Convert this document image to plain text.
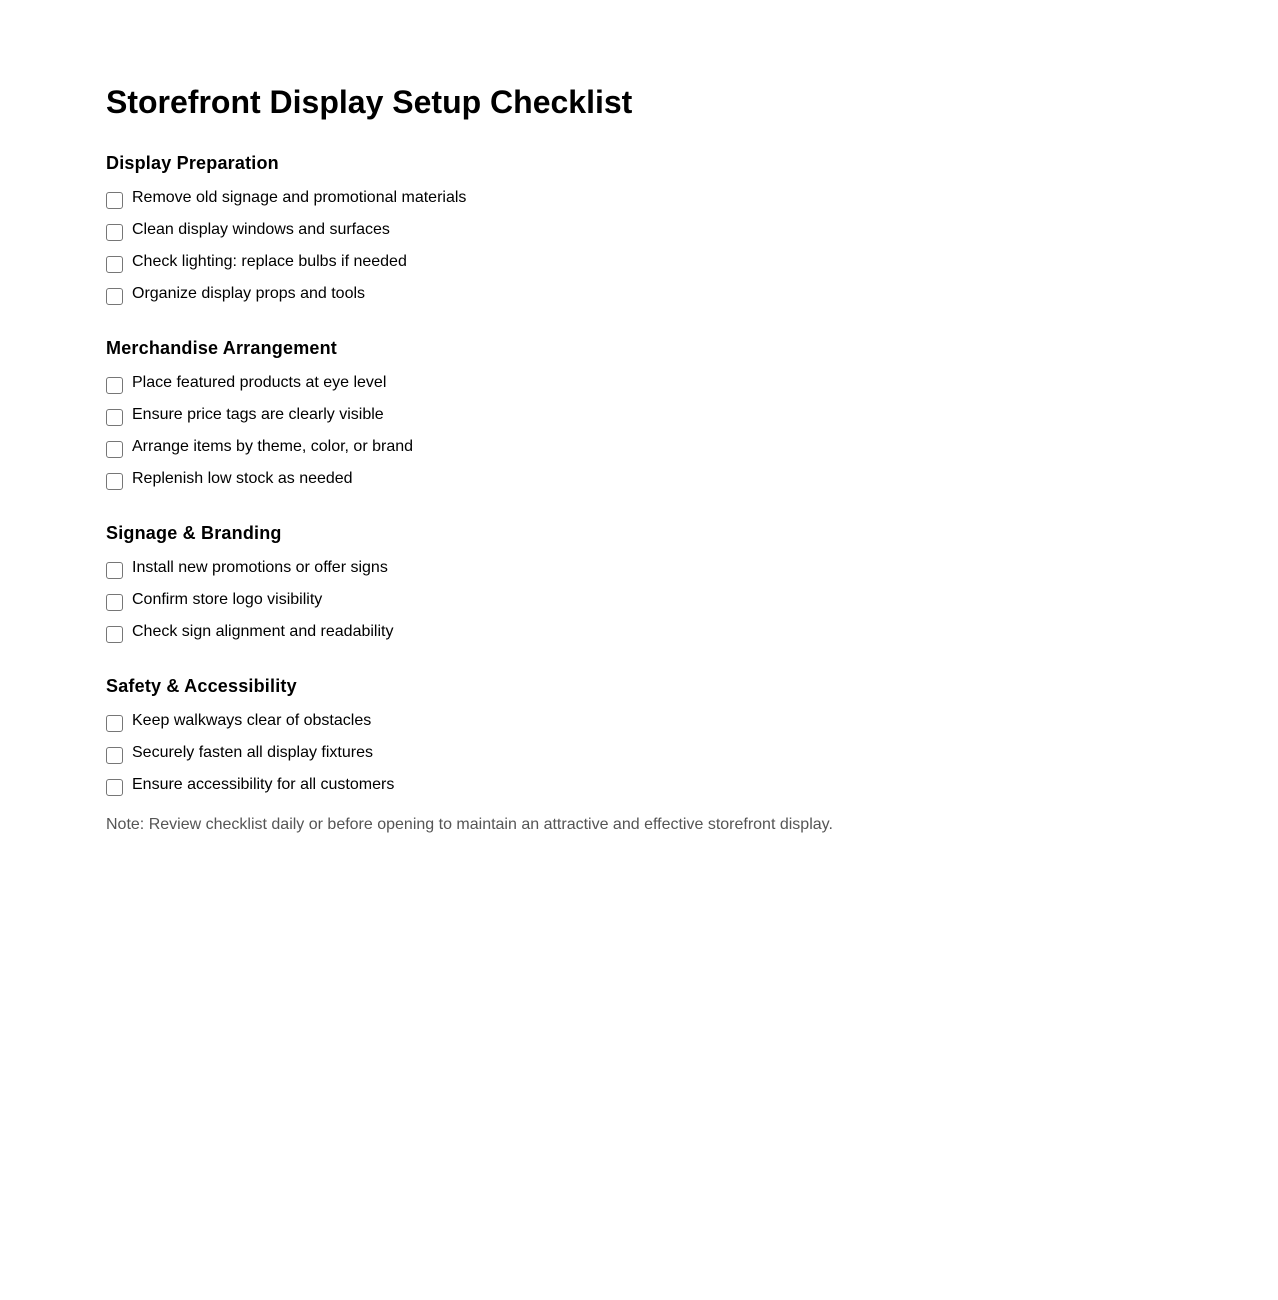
Storefront Display Setup Checklist
Display Preparation
Remove old signage and promotional materials
Clean display windows and surfaces
Check lighting: replace bulbs if needed
Organize display props and tools
Merchandise Arrangement
Place featured products at eye level
Ensure price tags are clearly visible
Arrange items by theme, color, or brand
Replenish low stock as needed
Signage & Branding
Install new promotions or offer signs
Confirm store logo visibility
Check sign alignment and readability
Safety & Accessibility
Keep walkways clear of obstacles
Securely fasten all display fixtures
Ensure accessibility for all customers

Note: Review checklist daily or before opening to maintain an attractive and effective storefront display.
